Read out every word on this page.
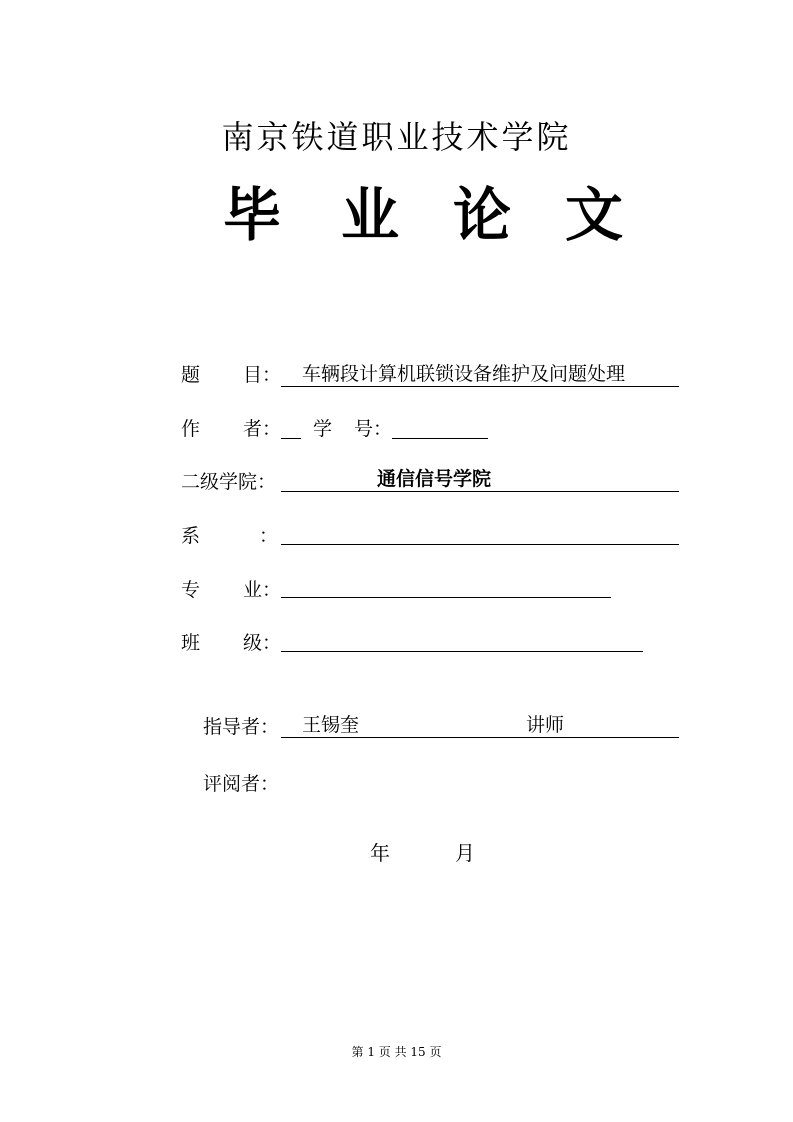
南京铁道职业技术学院
毕 业 论 文
题 目： 车辆段计算机联锁设备维护及问题处理
作 者： 学 号：
二级学院：	通信信号学院
系	：
专 业：
班 级：
指导者： 王锡奎	讲师
评阅者：
年	月
第 1 页 共 15 页
